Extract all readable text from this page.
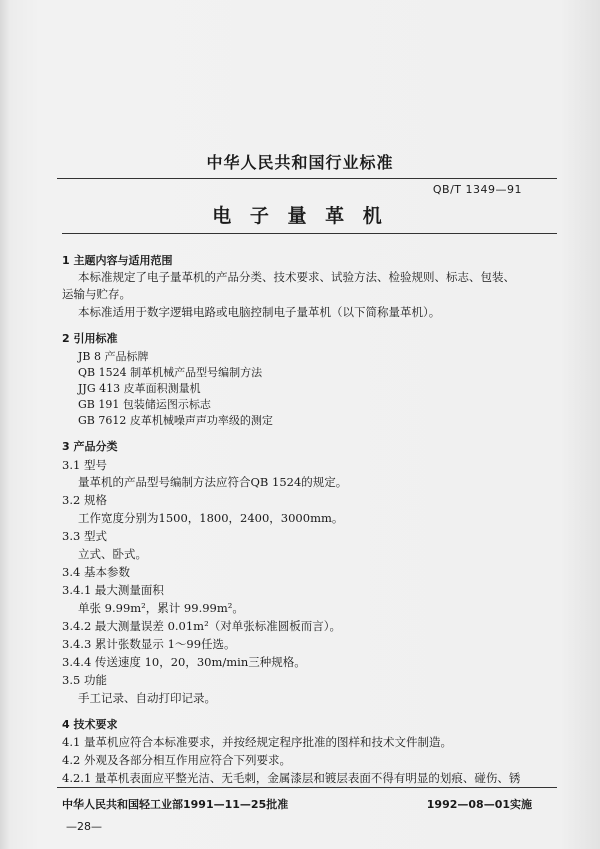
中华人民共和国行业标准
QB/T 1349—91
电 子 量 革 机
1 主题内容与适用范围
本标准规定了电子量革机的产品分类、技术要求、试验方法、检验规则、标志、包装、
运输与贮存。
本标准适用于数字逻辑电路或电脑控制电子量革机（以下简称量革机）。
2 引用标准
JB 8 产品标牌
QB 1524 制革机械产品型号编制方法
JJG 413 皮革面积测量机
GB 191 包装储运图示标志
GB 7612 皮革机械噪声声功率级的测定
3 产品分类
3.1 型号
量革机的产品型号编制方法应符合QB 1524的规定。
3.2 规格
工作宽度分别为1500，1800，2400，3000mm。
3.3 型式
立式、卧式。
3.4 基本参数
3.4.1 最大测量面积
单张 9.99m²，累计 99.99m²。
3.4.2 最大测量误差 0.01m²（对单张标准圆板而言）。
3.4.3 累计张数显示 1～99任选。
3.4.4 传送速度 10，20，30m/min三种规格。
3.5 功能
手工记录、自动打印记录。
4 技术要求
4.1 量革机应符合本标准要求，并按经规定程序批准的图样和技术文件制造。
4.2 外观及各部分相互作用应符合下列要求。
4.2.1 量革机表面应平整光洁、无毛刺，金属漆层和镀层表面不得有明显的划痕、碰伤、锈
中华人民共和国轻工业部1991—11—25批准	1992—08—01实施
—28—
